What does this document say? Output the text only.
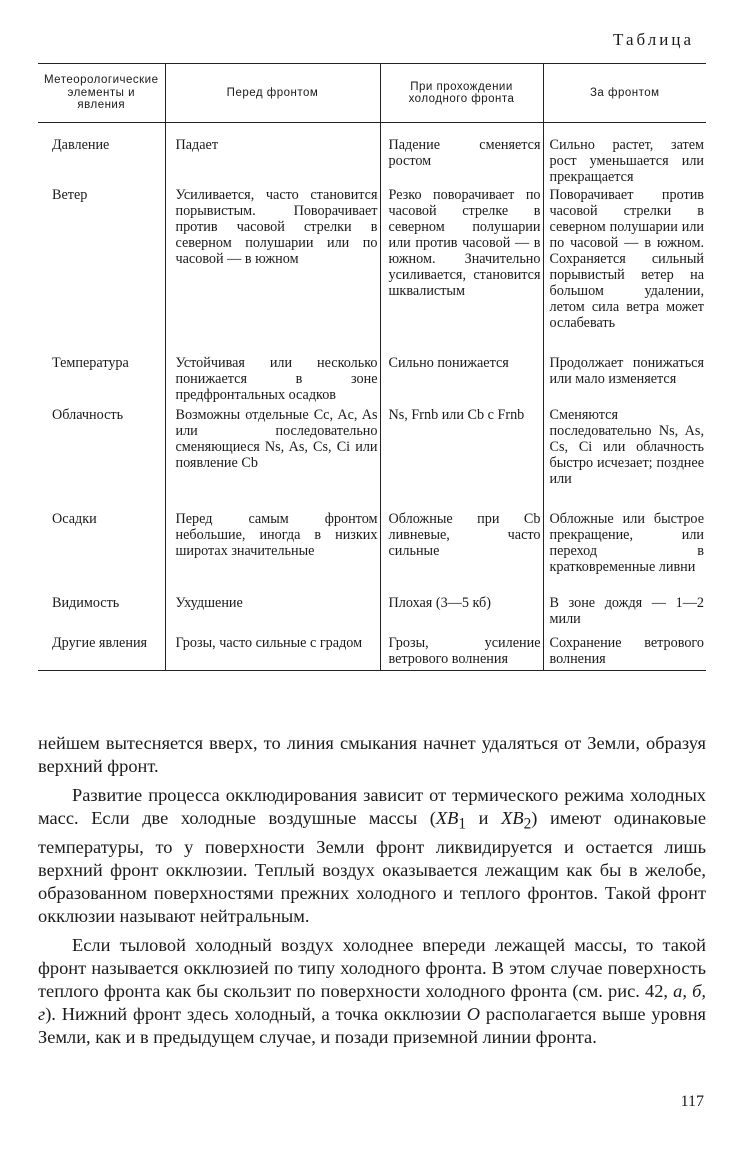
Таблица
Метеорологические элементы и явления	Перед фронтом	При прохождении холодного фронта	За фронтом
Давление	Падает	Падение сменяется ростом	Сильно растет, затем рост уменьшается или прекращается
Ветер	Усиливается, часто становится порывистым. Поворачивает против часовой стрелки в северном полушарии или по часовой — в южном	Резко поворачивает по часовой стрелке в северном полушарии или против часовой — в южном. Значительно усиливается, становится шквалистым	Поворачивает против часовой стрелки в северном полушарии или по часовой — в южном. Сохраняется сильный порывистый ветер на большом удалении, летом сила ветра может ослабевать
Температура	Устойчивая или несколько понижается в зоне предфронтальных осадков	Сильно понижается	Продолжает понижаться или мало изменяется
Облачность	Возможны отдельные Cc, Ac, As или последовательно сменяющиеся Ns, As, Cs, Ci или появление Cb	Ns, Frnb или Cb с Frnb	Сменяются последовательно Ns, As, Cs, Ci или облачность быстро исчезает; позднее или
Осадки	Перед самым фронтом небольшие, иногда в низких широтах значительные	Обложные при Cb ливневые, часто сильные	Обложные или быстрое прекращение, или переход в кратковременные ливни
Видимость	Ухудшение	Плохая (3—5 кб)	В зоне дождя — 1—2 мили
Другие явления	Грозы, часто сильные с градом	Грозы, усиление ветрового волнения	Сохранение ветрового волнения

нейшем вытесняется вверх, то линия смыкания начнет удаляться от Земли, образуя верхний фронт.

Развитие процесса окклюдирования зависит от термического режима холодных масс. Если две холодные воздушные массы ($XB_1$ и $XB_2$) имеют одинаковые температуры, то у поверхности Земли фронт ликвидируется и остается лишь верхний фронт окклюзии. Теплый воздух оказывается лежащим как бы в желобе, образованном поверхностями прежних холодного и теплого фронтов. Такой фронт окклюзии называют нейтральным.

Если тыловой холодный воздух холоднее впереди лежащей массы, то такой фронт называется окклюзией по типу холодного фронта. В этом случае поверхность теплого фронта как бы скользит по поверхности холодного фронта (см. рис. 42, а, б, г). Нижний фронт здесь холодный, а точка окклюзии O располагается выше уровня Земли, как и в предыдущем случае, и позади приземной линии фронта.

117
